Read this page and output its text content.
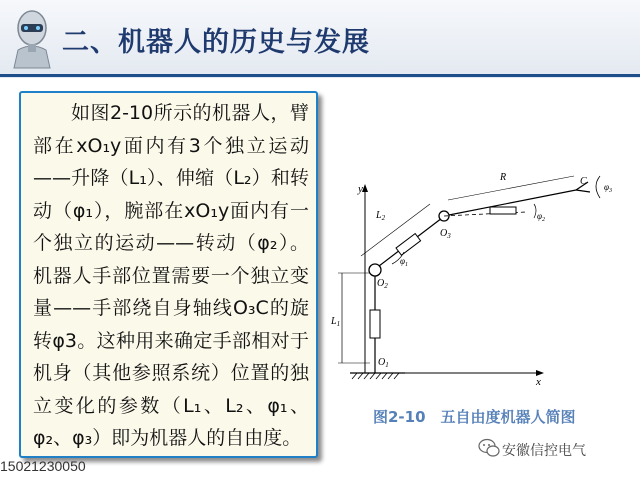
二、机器人的历史与发展
如图2-10所示的机器人，臂部在xO₁y面内有3个独立运动——升降（L₁）、伸缩（L₂）和转动（φ₁），腕部在xO₁y面内有一个独立的运动——转动（φ₂）。机器人手部位置需要一个独立变量——手部绕自身轴线O₃C的旋转φ3。这种用来确定手部相对于机身（其他参照系统）位置的独立变化的参数（L₁、L₂、φ₁、φ₂、φ₃）即为机器人的自由度。
y
x
$O_1$
$L_1$
$O_2$
$\varphi_1$
$L_2$
$O_3$
$\varphi_2$
R	C $\varphi_3$
图2-10　五自由度机器人简图
15021230050
安徽信控电气
